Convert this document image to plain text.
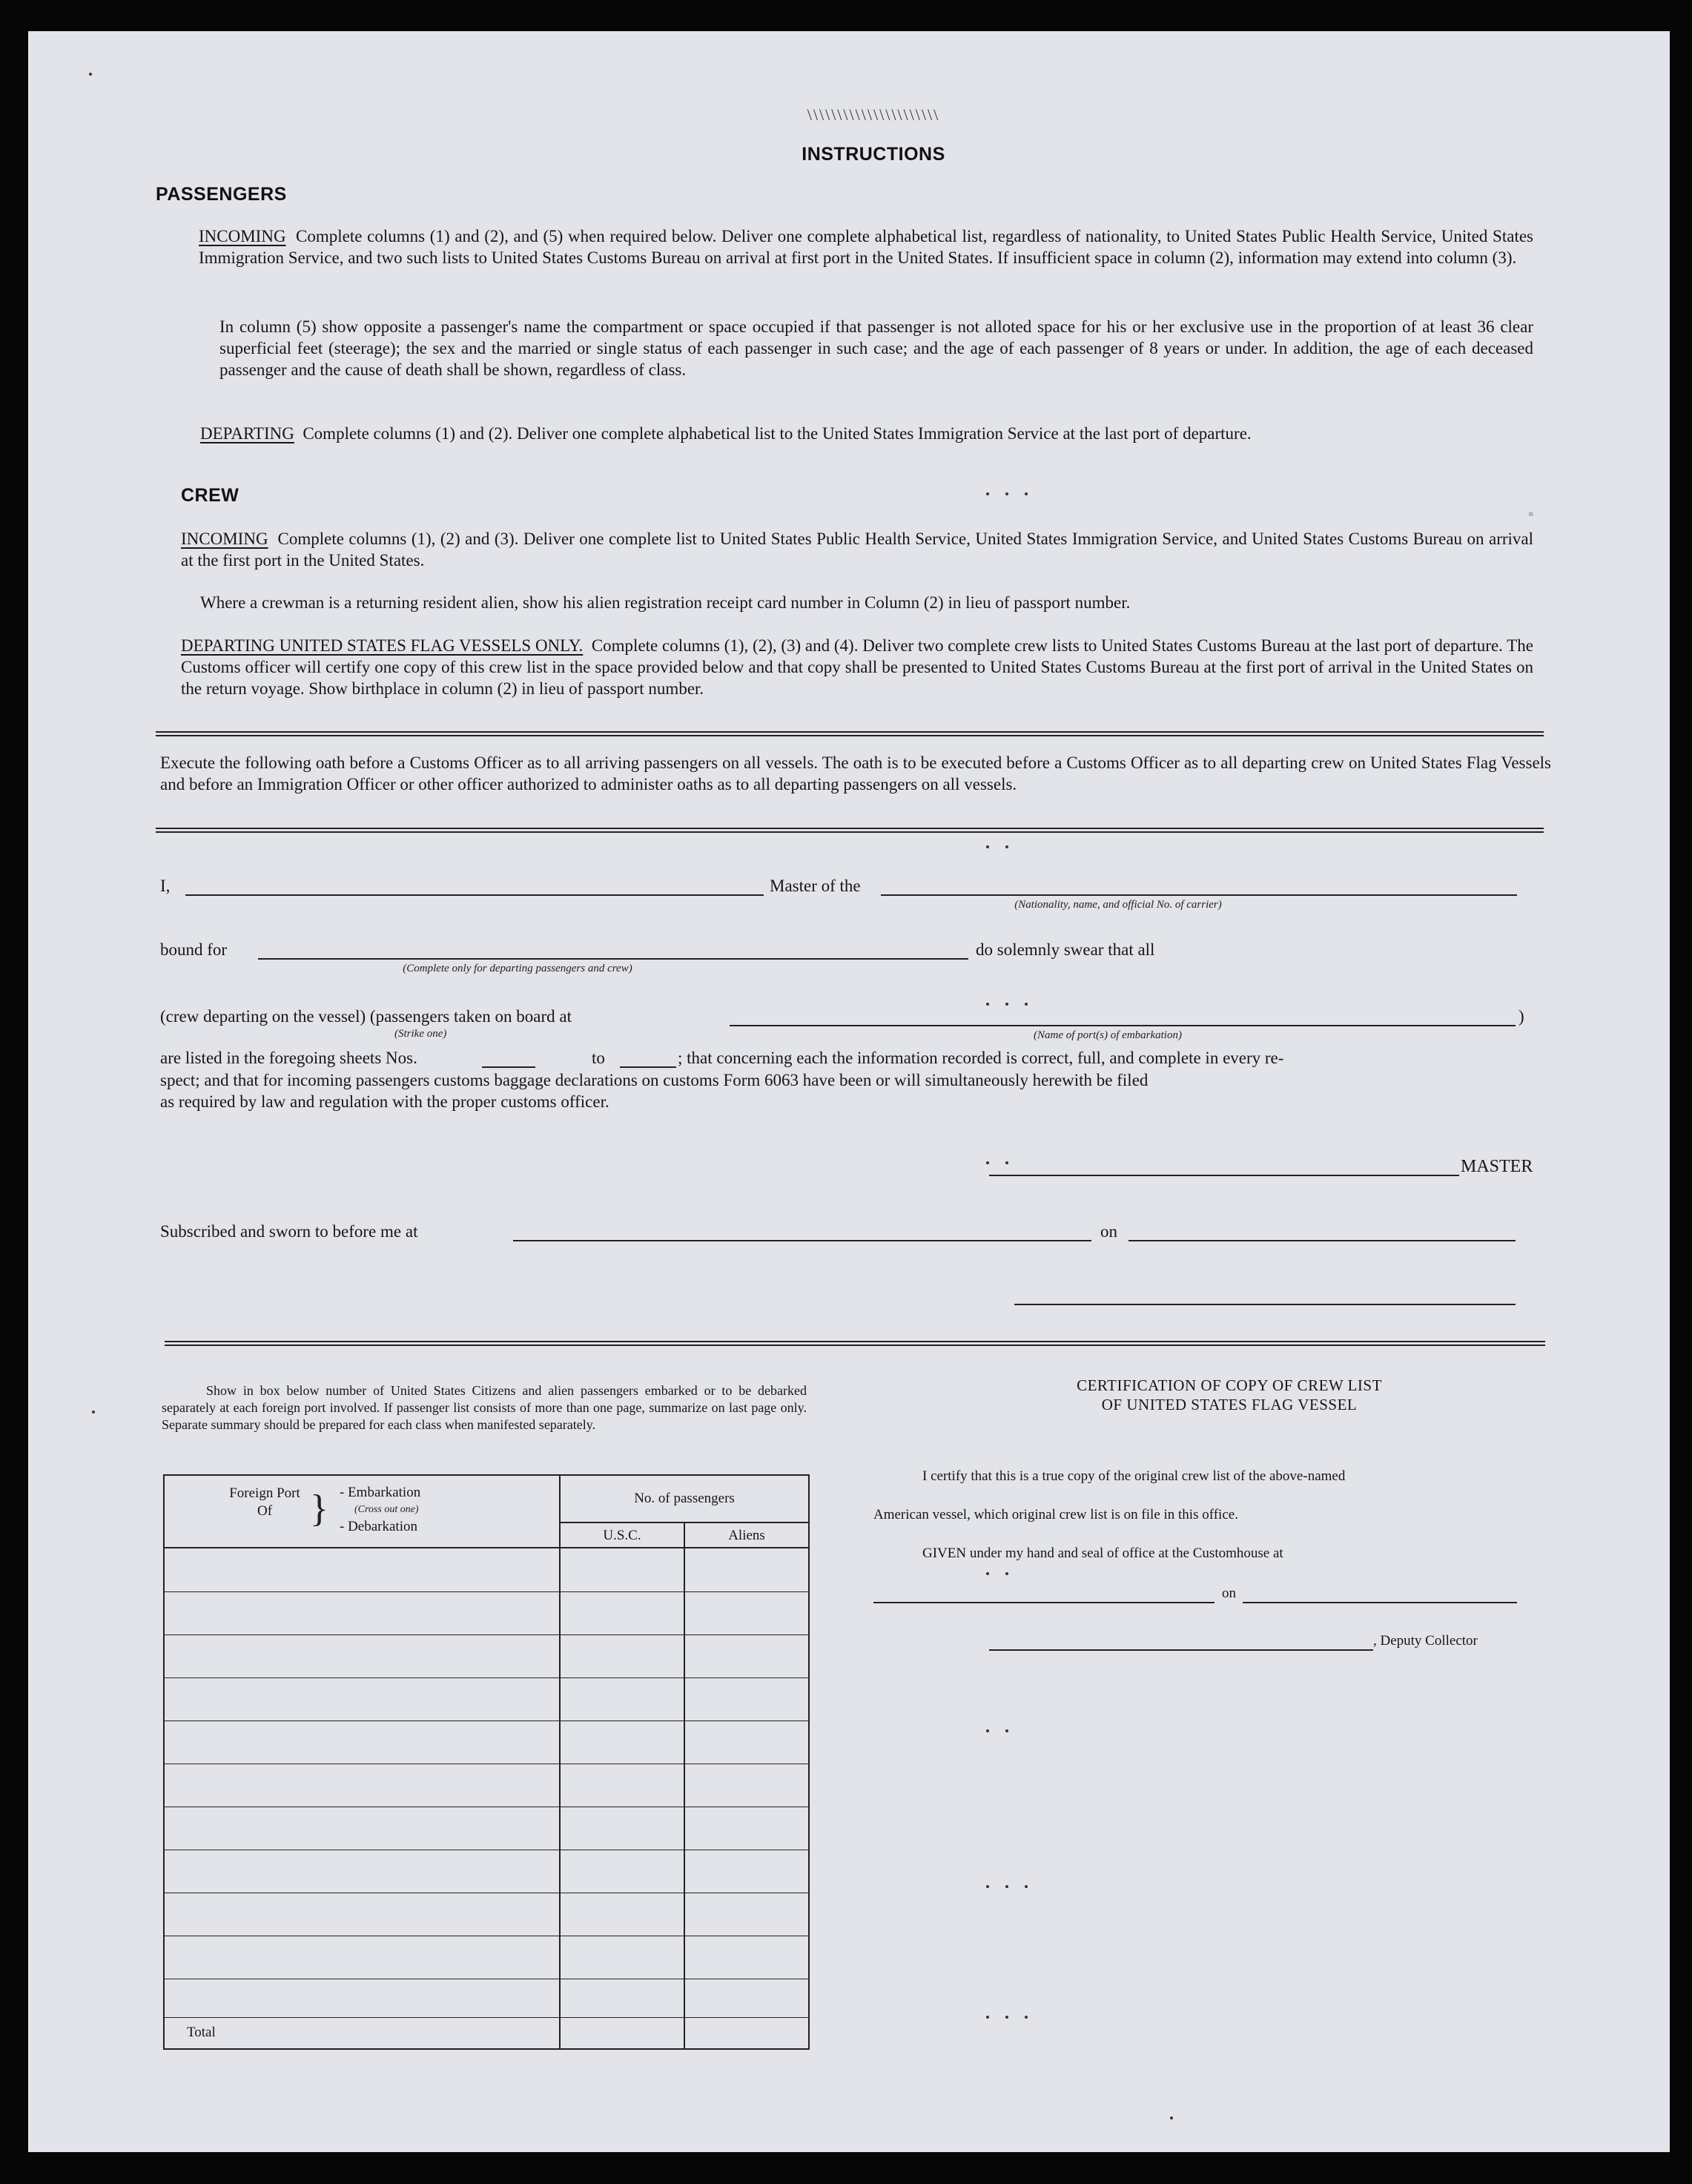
▪
\\\\\\\\\\\\\\\\\\\\\\
INSTRUCTIONS
PASSENGERS
INCOMING Complete columns (1) and (2), and (5) when required below. Deliver one complete alphabetical list, regardless of nationality, to United States Public Health Service, United States Immigration Service, and two such lists to United States Customs Bureau on arrival at first port in the United States. If insufficient space in column (2), information may extend into column (3).
In column (5) show opposite a passenger's name the compartment or space occupied if that passenger is not alloted space for his or her exclusive use in the proportion of at least 36 clear superficial feet (steerage); the sex and the married or single status of each passenger in such case; and the age of each passenger of 8 years or under. In addition, the age of each deceased passenger and the cause of death shall be shown, regardless of class.
DEPARTING Complete columns (1) and (2). Deliver one complete alphabetical list to the United States Immigration Service at the last port of departure.
CREW
INCOMING Complete columns (1), (2) and (3). Deliver one complete list to United States Public Health Service, United States Immigration Service, and United States Customs Bureau on arrival at the first port in the United States.
Where a crewman is a returning resident alien, show his alien registration receipt card number in Column (2) in lieu of passport number.
DEPARTING UNITED STATES FLAG VESSELS ONLY. Complete columns (1), (2), (3) and (4). Deliver two complete crew lists to United States Customs Bureau at the last port of departure. The Customs officer will certify one copy of this crew list in the space provided below and that copy shall be presented to United States Customs Bureau at the first port of arrival in the United States on the return voyage. Show birthplace in column (2) in lieu of passport number.
Execute the following oath before a Customs Officer as to all arriving passengers on all vessels. The oath is to be executed before a Customs Officer as to all departing crew on United States Flag Vessels and before an Immigration Officer or other officer authorized to administer oaths as to all departing passengers on all vessels.
I,	Master of the
(Nationality, name, and official No. of carrier)
bound for
(Complete only for departing passengers and crew)
do solemnly swear that all
(crew departing on the vessel) (passengers taken on board at
(Strike one)	(Name of port(s) of embarkation)
)
are listed in the foregoing sheets Nos.	to	; that concerning each the information recorded is correct, full, and complete in every re-
spect; and that for incoming passengers customs baggage declarations on customs Form 6063 have been or will simultaneously herewith be filed
as required by law and regulation with the proper customs officer.
MASTER
Subscribed and sworn to before me at	on
Show in box below number of United States Citizens and alien passengers embarked or to be debarked separately at each foreign port involved. If passenger list consists of more than one page, summarize on last page only. Separate summary should be prepared for each class when manifested separately.
Foreign Port Of } - Embarkation
(Cross out one)
- Debarkation
No. of passengers
U.S.C.	Aliens
Total
CERTIFICATION OF COPY OF CREW LIST
OF UNITED STATES FLAG VESSEL
I certify that this is a true copy of the original crew list of the above-named
American vessel, which original crew list is on file in this office.
GIVEN under my hand and seal of office at the Customhouse at
on
, Deputy Collector
